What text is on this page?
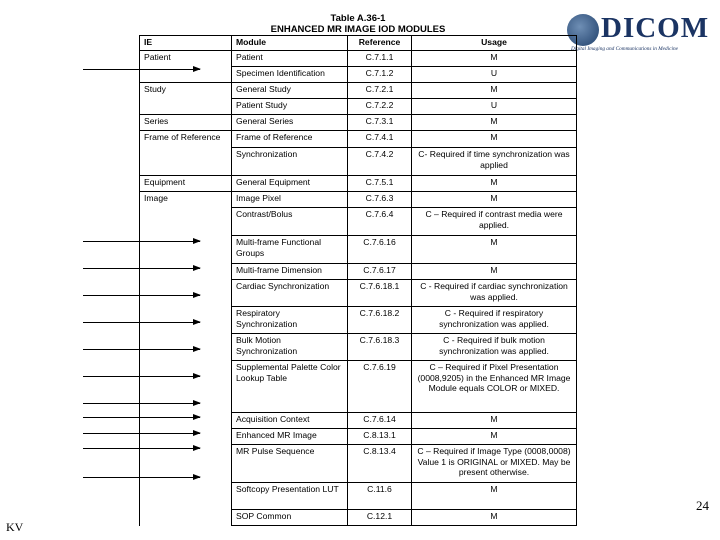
Table A.36-1
ENHANCED MR IMAGE IOD MODULES	DICOM
Digital Imaging and Communications in Medicine
IE	Module	Reference	Usage
Patient	Patient	C.7.1.1	M
	Specimen Identification	C.7.1.2	U
Study	General Study	C.7.2.1	M
	Patient Study	C.7.2.2	U
Series	General Series	C.7.3.1	M
Frame of Reference	Frame of Reference	C.7.4.1	M
	Synchronization	C.7.4.2	C- Required if time synchronization was applied
Equipment	General Equipment	C.7.5.1	M
Image	Image Pixel	C.7.6.3	M
	Contrast/Bolus	C.7.6.4	C – Required if contrast media were applied.
	Multi-frame Functional Groups	C.7.6.16	M
	Multi-frame Dimension	C.7.6.17	M
	Cardiac Synchronization	C.7.6.18.1	C - Required if cardiac synchronization was applied.
	Respiratory Synchronization	C.7.6.18.2	C - Required if respiratory synchronization was applied.
	Bulk Motion Synchronization	C.7.6.18.3	C - Required if bulk motion synchronization was applied.
	Supplemental Palette Color Lookup Table	C.7.6.19	C – Required if Pixel Presentation (0008,9205) in the Enhanced MR Image Module equals COLOR or MIXED.
	Acquisition Context	C.7.6.14	M
	Enhanced MR Image	C.8.13.1	M
	MR Pulse Sequence	C.8.13.4	C – Required if Image Type (0008,0008) Value 1 is ORIGINAL or MIXED. May be present otherwise.
	Softcopy Presentation LUT	C.11.6	M
	SOP Common	C.12.1	M
24
KV
